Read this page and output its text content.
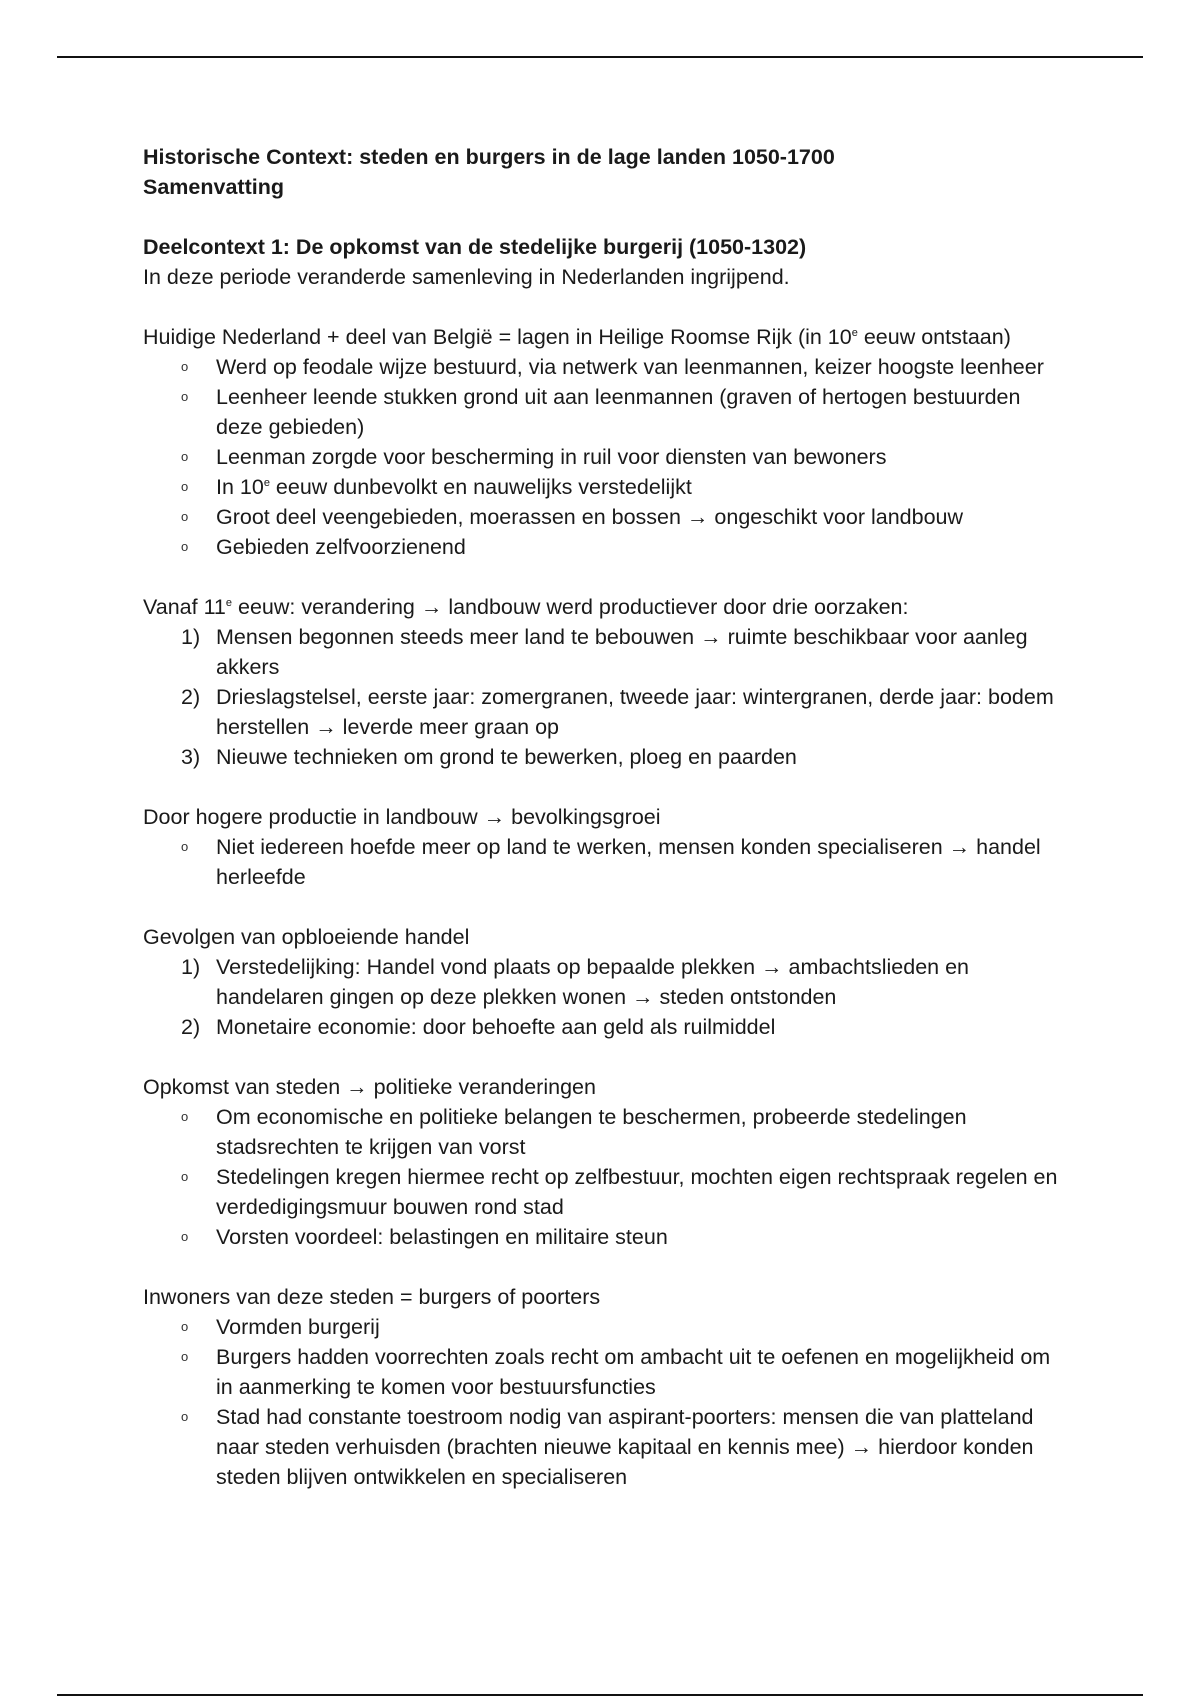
Historische Context: steden en burgers in de lage landen 1050-1700

Samenvatting

Deelcontext 1: De opkomst van de stedelijke burgerij (1050-1302)

In deze periode veranderde samenleving in Nederlanden ingrijpend.

Huidige Nederland + deel van België = lagen in Heilige Roomse Rijk (in 10e eeuw ontstaan)

o Werd op feodale wijze bestuurd, via netwerk van leenmannen, keizer hoogste leenheer
o Leenheer leende stukken grond uit aan leenmannen (graven of hertogen bestuurden deze gebieden)
o Leenman zorgde voor bescherming in ruil voor diensten van bewoners
o In 10e eeuw dunbevolkt en nauwelijks verstedelijkt
o Groot deel veengebieden, moerassen en bossen → ongeschikt voor landbouw
o Gebieden zelfvoorzienend

Vanaf 11e eeuw: verandering → landbouw werd productiever door drie oorzaken:

1) Mensen begonnen steeds meer land te bebouwen → ruimte beschikbaar voor aanleg akkers
2) Drieslagstelsel, eerste jaar: zomergranen, tweede jaar: wintergranen, derde jaar: bodem herstellen → leverde meer graan op
3) Nieuwe technieken om grond te bewerken, ploeg en paarden

Door hogere productie in landbouw → bevolkingsgroei

o Niet iedereen hoefde meer op land te werken, mensen konden specialiseren → handel herleefde

Gevolgen van opbloeiende handel

1) Verstedelijking: Handel vond plaats op bepaalde plekken → ambachtslieden en handelaren gingen op deze plekken wonen → steden ontstonden
2) Monetaire economie: door behoefte aan geld als ruilmiddel

Opkomst van steden → politieke veranderingen

o Om economische en politieke belangen te beschermen, probeerde stedelingen stadsrechten te krijgen van vorst
o Stedelingen kregen hiermee recht op zelfbestuur, mochten eigen rechtspraak regelen en verdedigingsmuur bouwen rond stad
o Vorsten voordeel: belastingen en militaire steun

Inwoners van deze steden = burgers of poorters

o Vormden burgerij
o Burgers hadden voorrechten zoals recht om ambacht uit te oefenen en mogelijkheid om in aanmerking te komen voor bestuursfuncties
o Stad had constante toestroom nodig van aspirant-poorters: mensen die van platteland naar steden verhuisden (brachten nieuwe kapitaal en kennis mee) → hierdoor konden steden blijven ontwikkelen en specialiseren
